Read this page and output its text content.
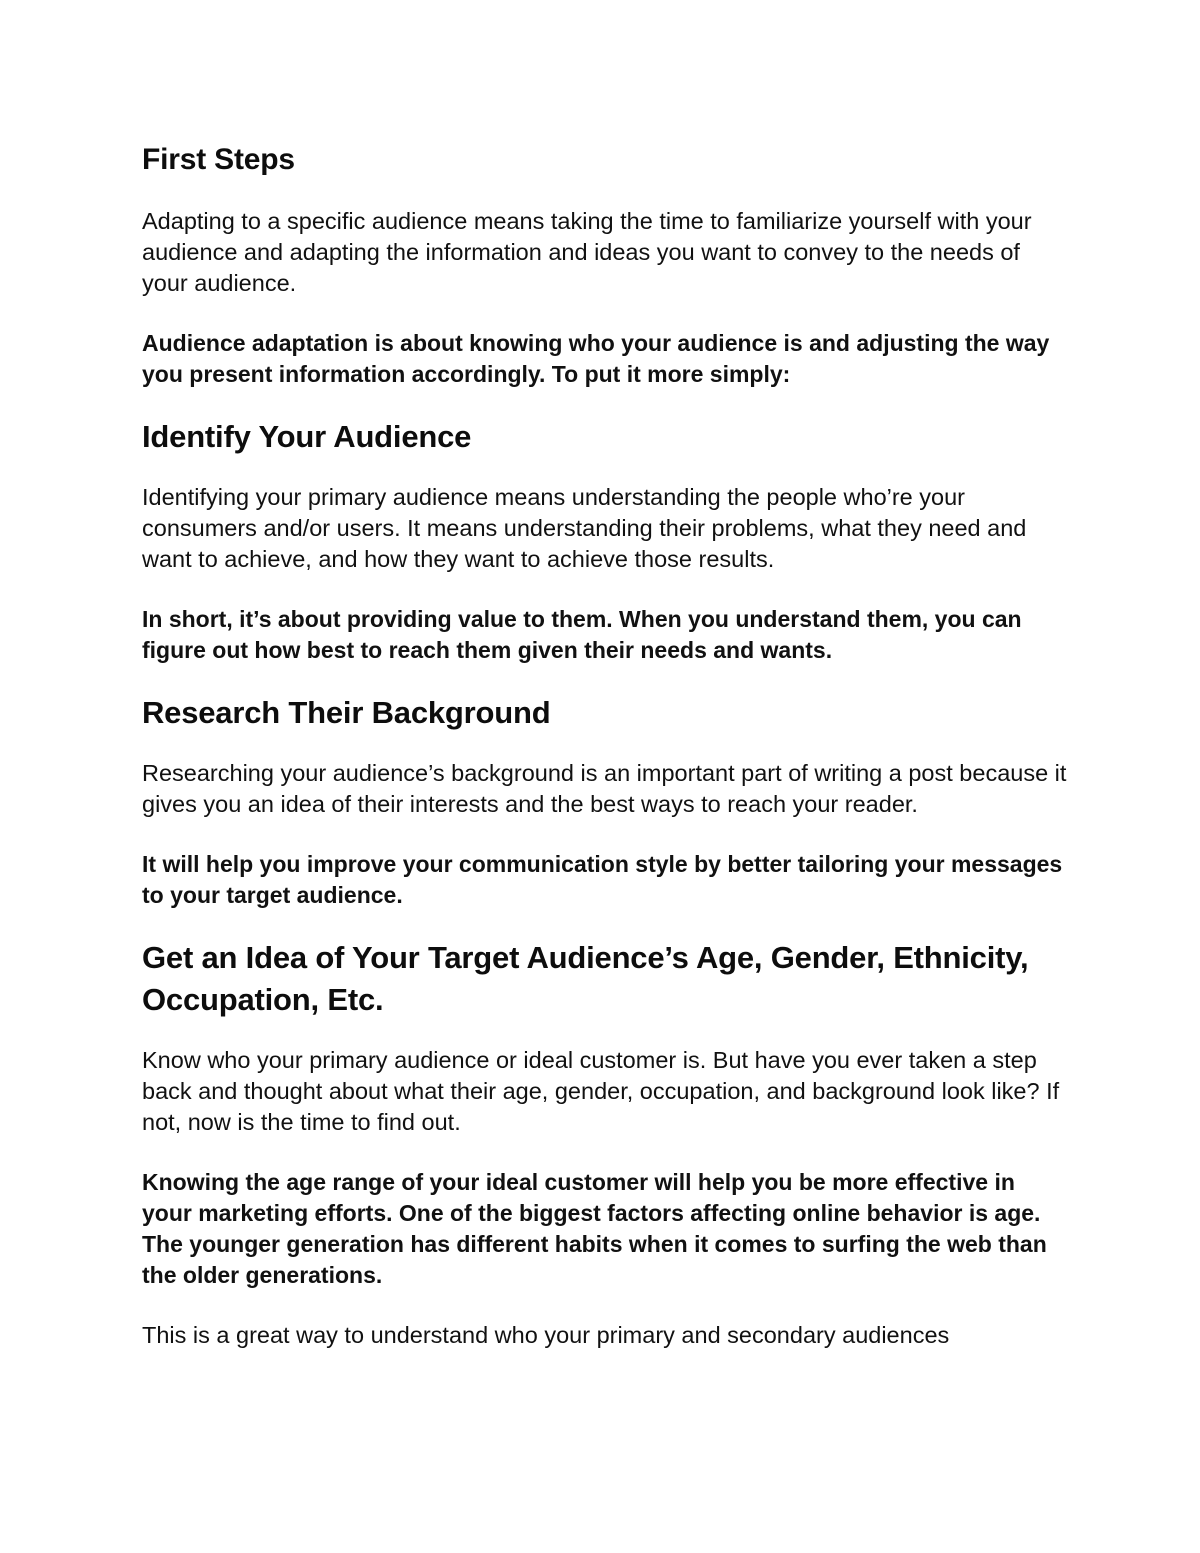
First Steps

Adapting to a specific audience means taking the time to familiarize yourself with your audience and adapting the information and ideas you want to convey to the needs of your audience.

Audience adaptation is about knowing who your audience is and adjusting the way you present information accordingly. To put it more simply:

Identify Your Audience

Identifying your primary audience means understanding the people who’re your consumers and/or users. It means understanding their problems, what they need and want to achieve, and how they want to achieve those results.

In short, it’s about providing value to them. When you understand them, you can figure out how best to reach them given their needs and wants.

Research Their Background

Researching your audience’s background is an important part of writing a post because it gives you an idea of their interests and the best ways to reach your reader.

It will help you improve your communication style by better tailoring your messages to your target audience.

Get an Idea of Your Target Audience’s Age, Gender, Ethnicity, Occupation, Etc.

Know who your primary audience or ideal customer is. But have you ever taken a step back and thought about what their age, gender, occupation, and background look like? If not, now is the time to find out.

Knowing the age range of your ideal customer will help you be more effective in your marketing efforts. One of the biggest factors affecting online behavior is age. The younger generation has different habits when it comes to surfing the web than the older generations.

This is a great way to understand who your primary and secondary audiences
